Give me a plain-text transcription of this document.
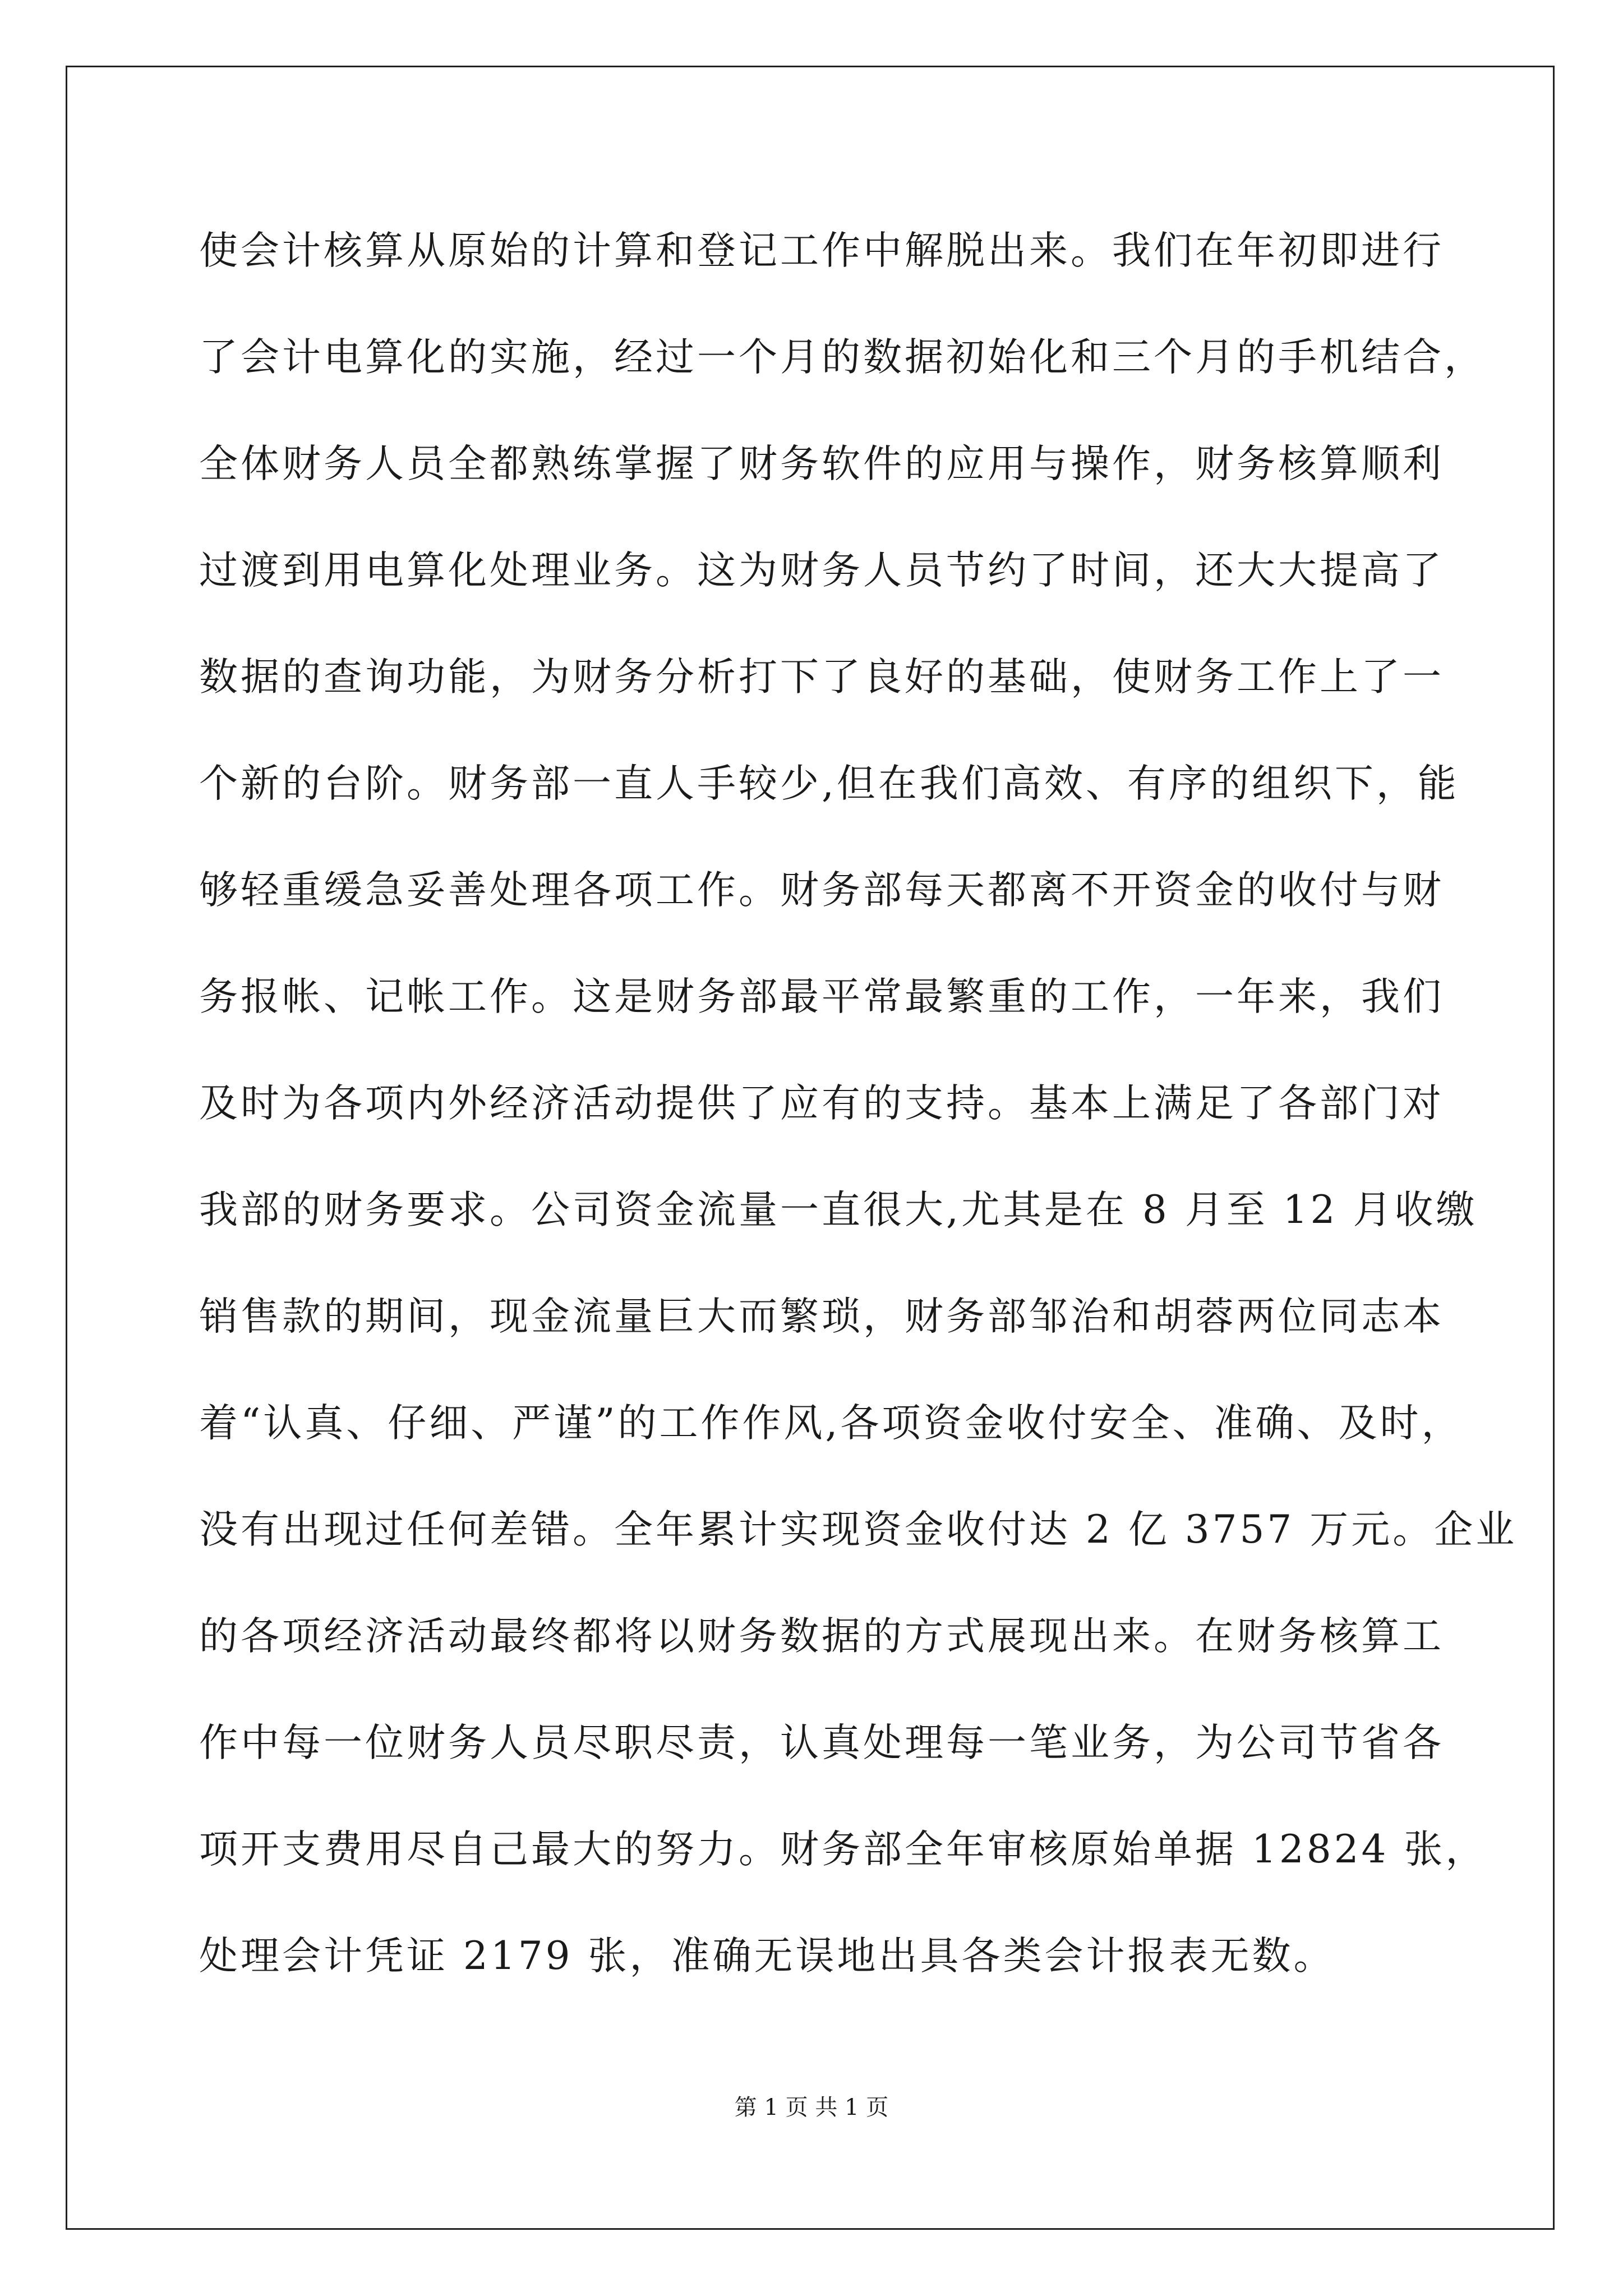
使会计核算从原始的计算和登记工作中解脱出来。我们在年初即进行
了会计电算化的实施，经过一个月的数据初始化和三个月的手机结合，
全体财务人员全都熟练掌握了财务软件的应用与操作，财务核算顺利
过渡到用电算化处理业务。这为财务人员节约了时间，还大大提高了
数据的查询功能，为财务分析打下了良好的基础，使财务工作上了一
个新的台阶。财务部一直人手较少,但在我们高效、有序的组织下，能
够轻重缓急妥善处理各项工作。财务部每天都离不开资金的收付与财
务报帐、记帐工作。这是财务部最平常最繁重的工作，一年来，我们
及时为各项内外经济活动提供了应有的支持。基本上满足了各部门对
我部的财务要求。公司资金流量一直很大,尤其是在 8 月至 12 月收缴
销售款的期间，现金流量巨大而繁琐，财务部邹治和胡蓉两位同志本
着“认真、仔细、严谨”的工作作风,各项资金收付安全、准确、及时，
没有出现过任何差错。全年累计实现资金收付达 2 亿 3757 万元。企业
的各项经济活动最终都将以财务数据的方式展现出来。在财务核算工
作中每一位财务人员尽职尽责，认真处理每一笔业务，为公司节省各
项开支费用尽自己最大的努力。财务部全年审核原始单据 12824 张，
处理会计凭证 2179 张，准确无误地出具各类会计报表无数。
第 1 页 共 1 页
